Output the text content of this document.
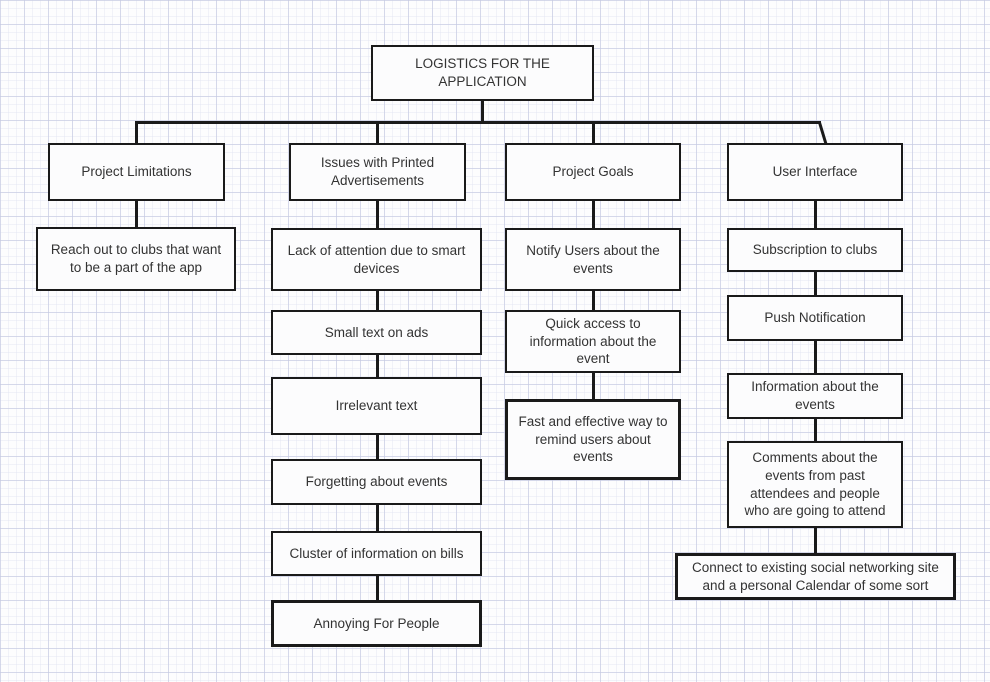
LOGISTICS FOR THE APPLICATION
Project Limitations
Reach out to clubs that want to be a part of the app
Issues with Printed Advertisements
Lack of attention due to smart devices
Small text on ads
Irrelevant text
Forgetting about events
Cluster of information on bills
Annoying For People
Project Goals
Notify Users about the events
Quick access to information about the event
Fast and effective way to remind users about events
User Interface
Subscription to clubs
Push Notification
Information about the events
Comments about the events from past attendees and people who are going to attend
Connect to existing social networking site and a personal Calendar of some sort
